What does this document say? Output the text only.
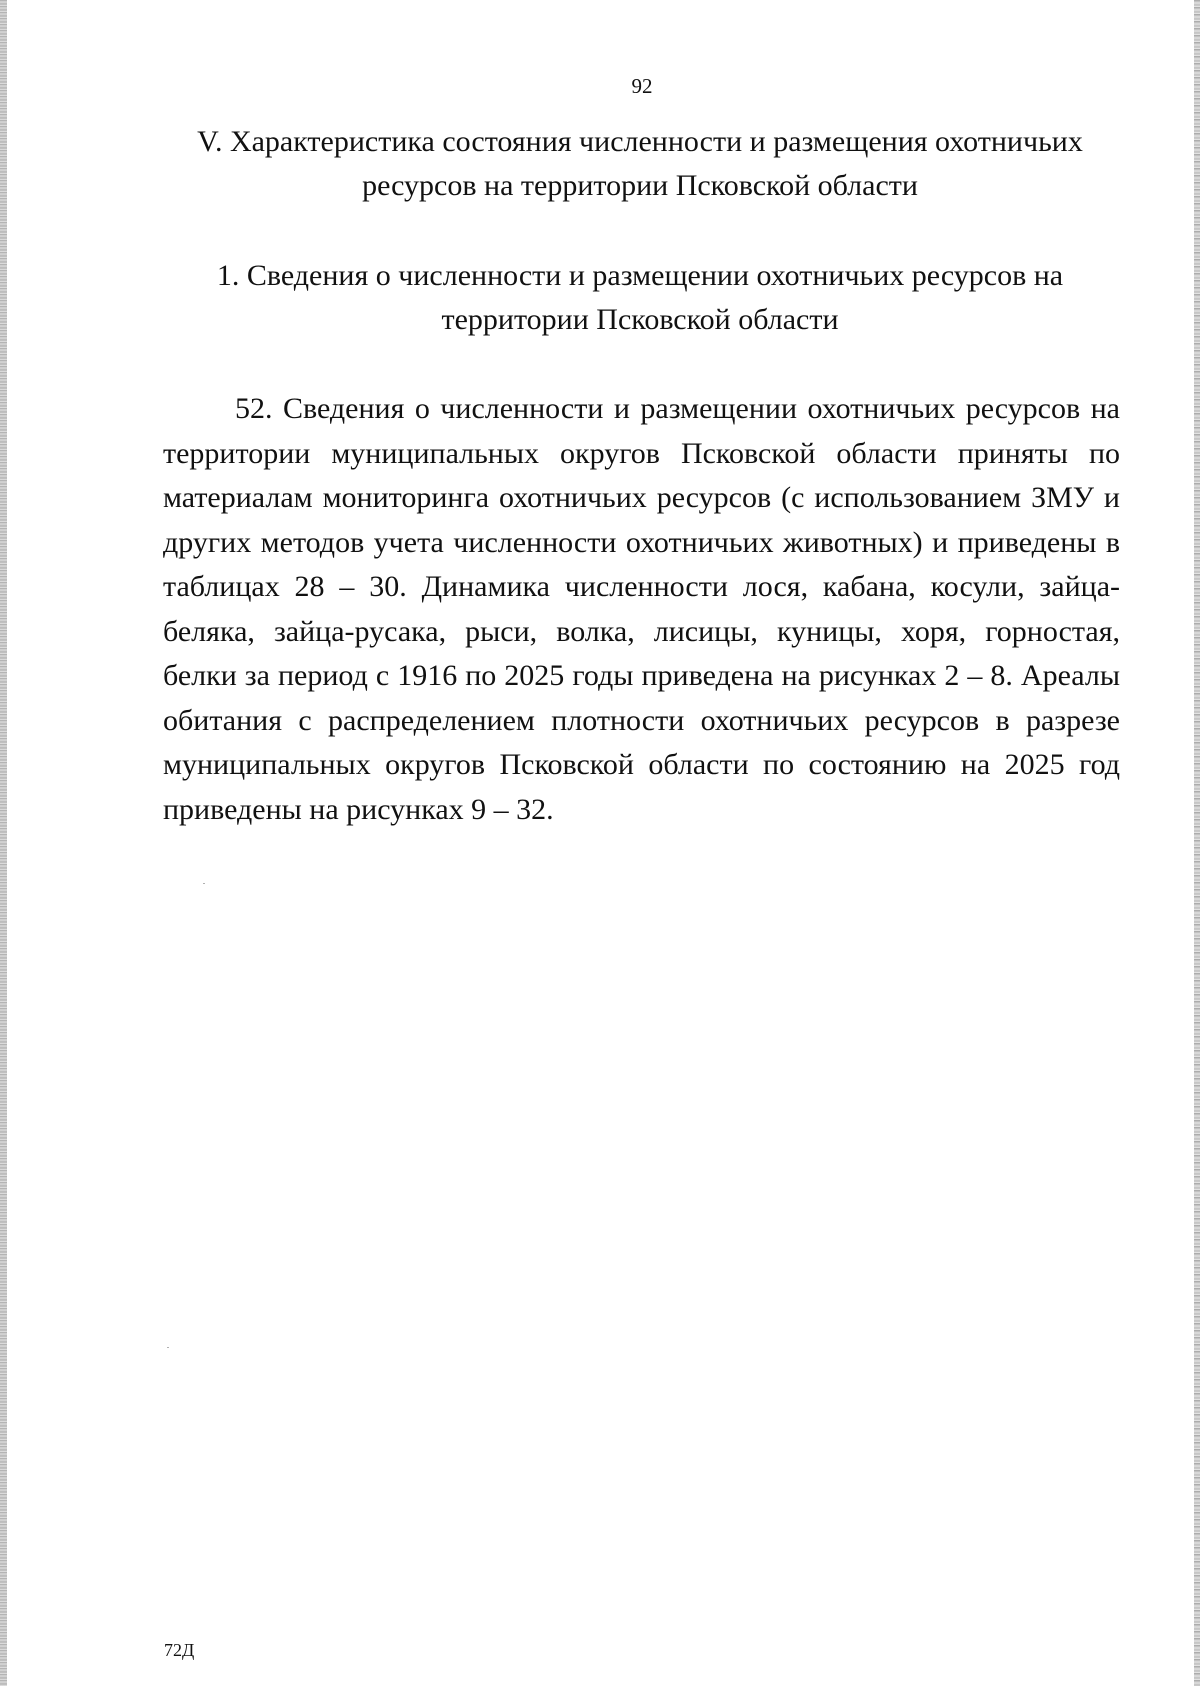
92
V. Характеристика состояния численности и размещения охотничьих ресурсов на территории Псковской области
1. Сведения о численности и размещении охотничьих ресурсов на территории Псковской области

52. Сведения о численности и размещении охотничьих ресурсов на территории муниципальных округов Псковской области приняты по материалам мониторинга охотничьих ресурсов (с использованием ЗМУ и других методов учета численности охотничьих животных) и приведены в таблицах 28 – 30. Динамика численности лося, кабана, косули, зайца-беляка, зайца-русака, рыси, волка, лисицы, куницы, хоря, горностая, белки за период с 1916 по 2025 годы приведена на рисунках 2 – 8. Ареалы обитания с распределением плотности охотничьих ресурсов в разрезе муниципальных округов Псковской области по состоянию на 2025 год приведены на рисунках 9 – 32.

72Д
